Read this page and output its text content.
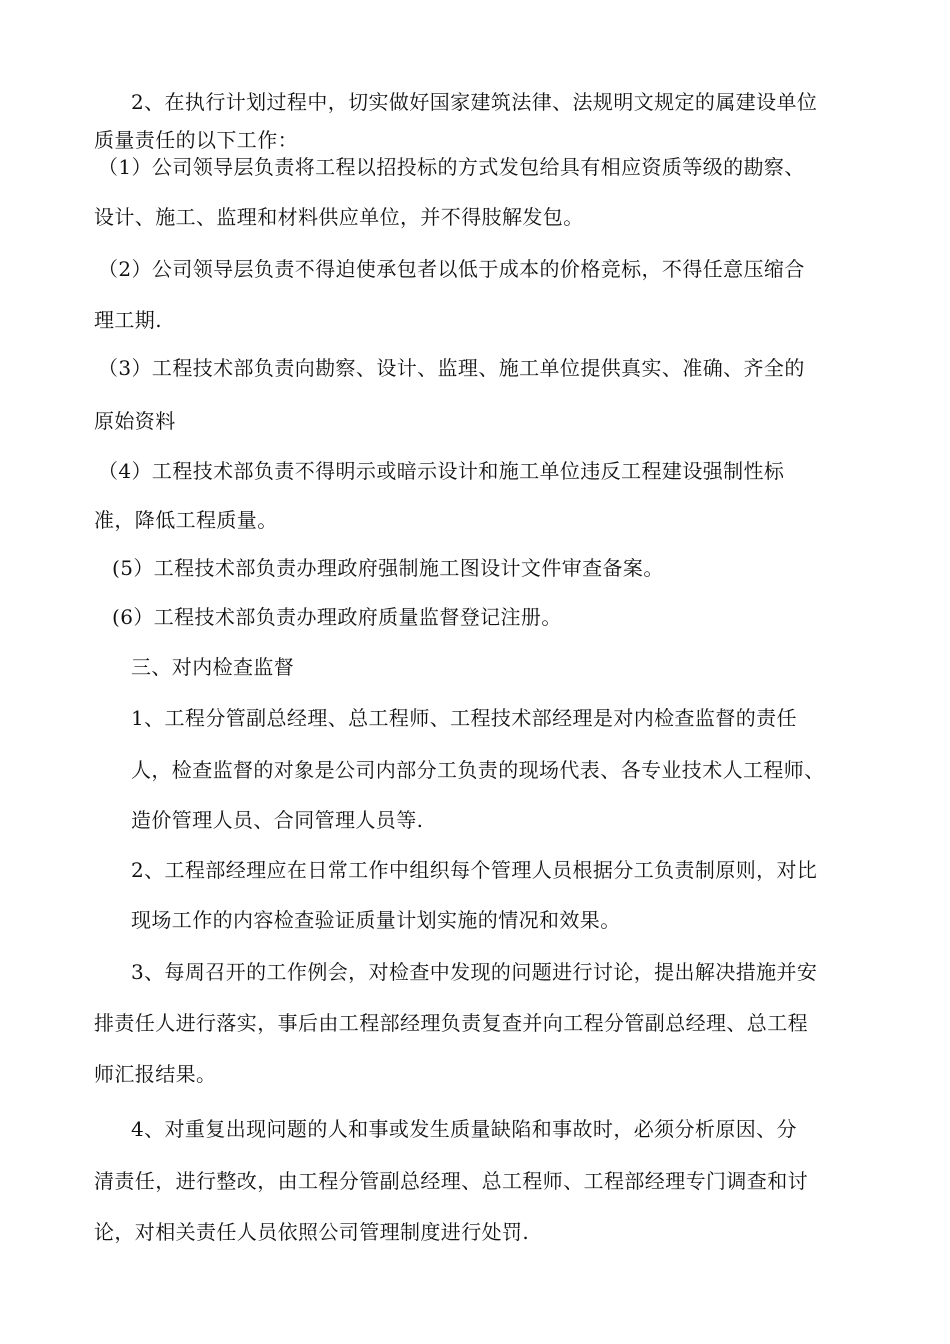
2、在执行计划过程中，切实做好国家建筑法律、法规明文规定的属建设单位
质量责任的以下工作：
（1）公司领导层负责将工程以招投标的方式发包给具有相应资质等级的勘察、
设计、施工、监理和材料供应单位，并不得肢解发包。
（2）公司领导层负责不得迫使承包者以低于成本的价格竞标，不得任意压缩合
理工期.
（3）工程技术部负责向勘察、设计、监理、施工单位提供真实、准确、齐全的
原始资料
（4）工程技术部负责不得明示或暗示设计和施工单位违反工程建设强制性标
准，降低工程质量。
(5）工程技术部负责办理政府强制施工图设计文件审查备案。
(6）工程技术部负责办理政府质量监督登记注册。
三、对内检查监督
1、工程分管副总经理、总工程师、工程技术部经理是对内检查监督的责任
人，检查监督的对象是公司内部分工负责的现场代表、各专业技术人工程师、
造价管理人员、合同管理人员等.
2、工程部经理应在日常工作中组织每个管理人员根据分工负责制原则，对比
现场工作的内容检查验证质量计划实施的情况和效果。
3、每周召开的工作例会，对检查中发现的问题进行讨论，提出解决措施并安
排责任人进行落实，事后由工程部经理负责复查并向工程分管副总经理、总工程
师汇报结果。
4、对重复出现问题的人和事或发生质量缺陷和事故时，必须分析原因、分
清责任，进行整改，由工程分管副总经理、总工程师、工程部经理专门调查和讨
论，对相关责任人员依照公司管理制度进行处罚.
